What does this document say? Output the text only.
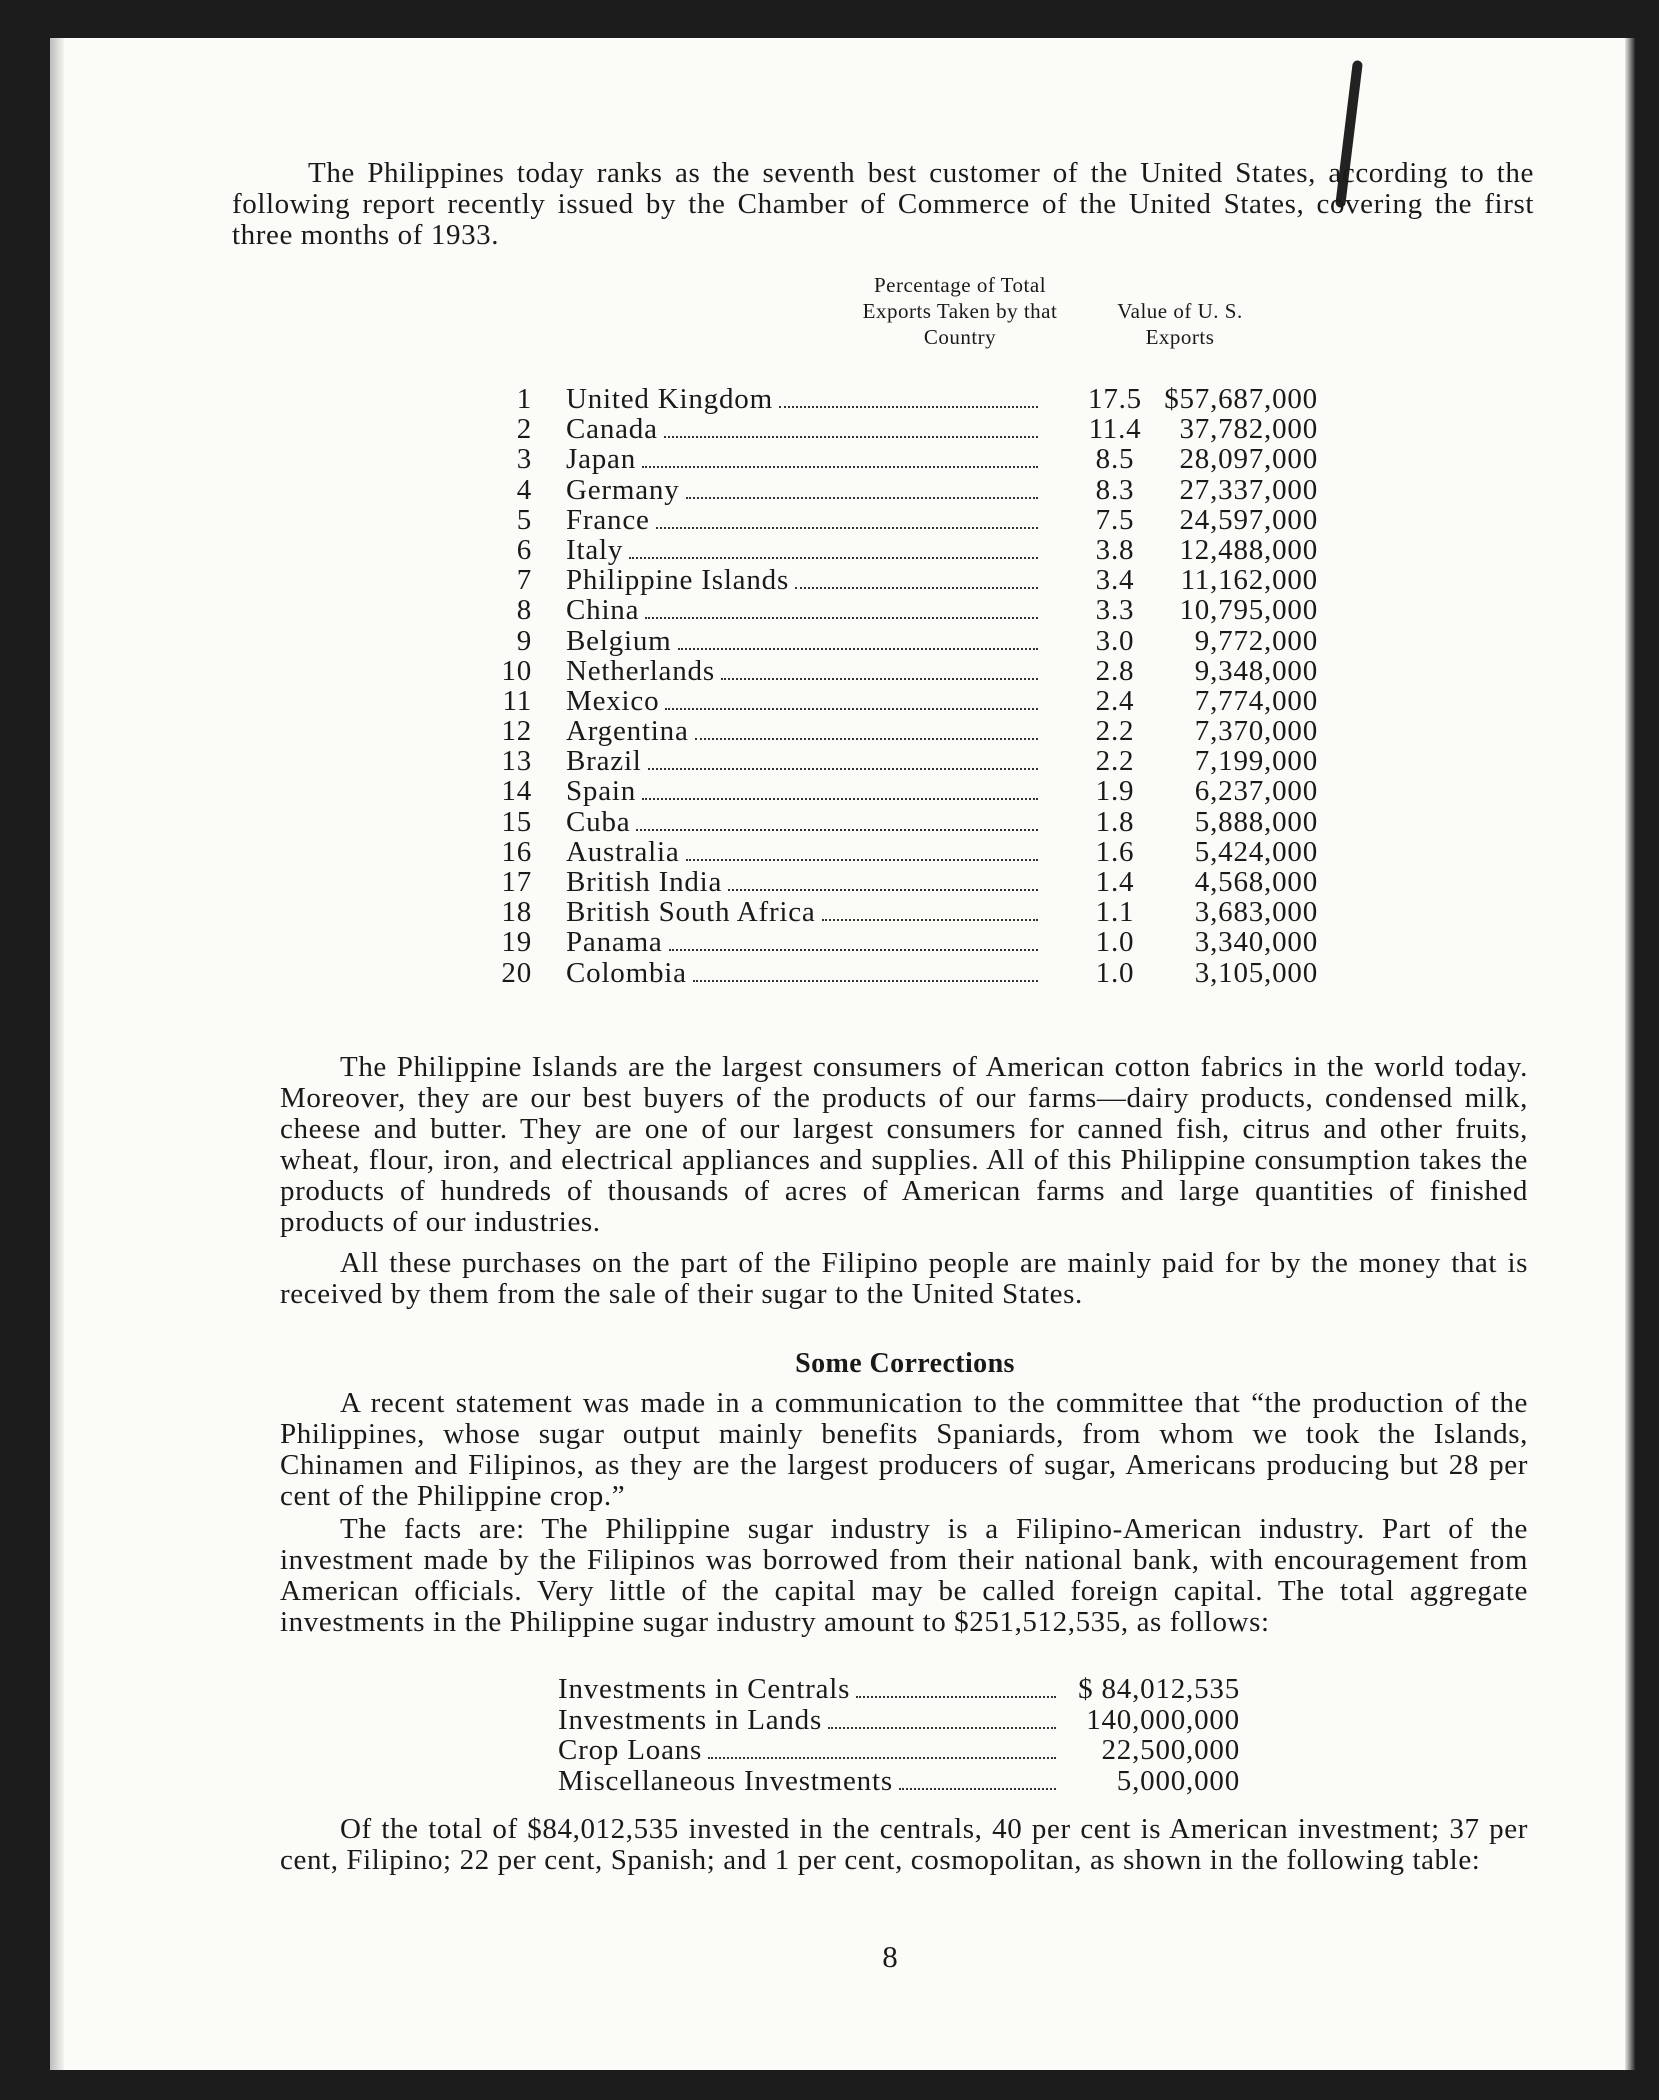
The Philippines today ranks as the seventh best customer of the United States, according to the following report recently issued by the Chamber of Commerce of the United States, covering the first three months of 1933.

Percentage of Total Exports Taken by that Country
Value of U. S. Exports
1 United Kingdom	17.5 $57,687,000
2 Canada	11.4	37,782,000
3 Japan	8.5	28,097,000
4 Germany	8.3	27,337,000
5 France	7.5	24,597,000
6 Italy	3.8	12,488,000
7 Philippine Islands	3.4	11,162,000
8 China	3.3	10,795,000
9 Belgium	3.0	9,772,000
10 Netherlands	2.8	9,348,000
11 Mexico	2.4	7,774,000
12 Argentina	2.2	7,370,000
13 Brazil	2.2	7,199,000
14 Spain	1.9	6,237,000
15 Cuba	1.8	5,888,000
16 Australia	1.6	5,424,000
17 British India	1.4	4,568,000
18 British South Africa	1.1	3,683,000
19 Panama	1.0	3,340,000
20 Colombia	1.0	3,105,000

The Philippine Islands are the largest consumers of American cotton fabrics in the world today. Moreover, they are our best buyers of the products of our farms—dairy products, condensed milk, cheese and butter. They are one of our largest consumers for canned fish, citrus and other fruits, wheat, flour, iron, and electrical appliances and supplies. All of this Philippine consumption takes the products of hundreds of thousands of acres of American farms and large quantities of finished products of our industries.

All these purchases on the part of the Filipino people are mainly paid for by the money that is received by them from the sale of their sugar to the United States.

Some Corrections

A recent statement was made in a communication to the committee that “the production of the Philippines, whose sugar output mainly benefits Spaniards, from whom we took the Islands, Chinamen and Filipinos, as they are the largest producers of sugar, Americans producing but 28 per cent of the Philippine crop.”

The facts are: The Philippine sugar industry is a Filipino-American industry. Part of the investment made by the Filipinos was borrowed from their national bank, with encouragement from American officials. Very little of the capital may be called foreign capital. The total aggregate investments in the Philippine sugar industry amount to $251,512,535, as follows:

Investments in Centrals	$ 84,012,535
Investments in Lands	140,000,000
Crop Loans	22,500,000
Miscellaneous Investments	5,000,000

Of the total of $84,012,535 invested in the centrals, 40 per cent is American investment; 37 per cent, Filipino; 22 per cent, Spanish; and 1 per cent, cosmopolitan, as shown in the following table:

8
